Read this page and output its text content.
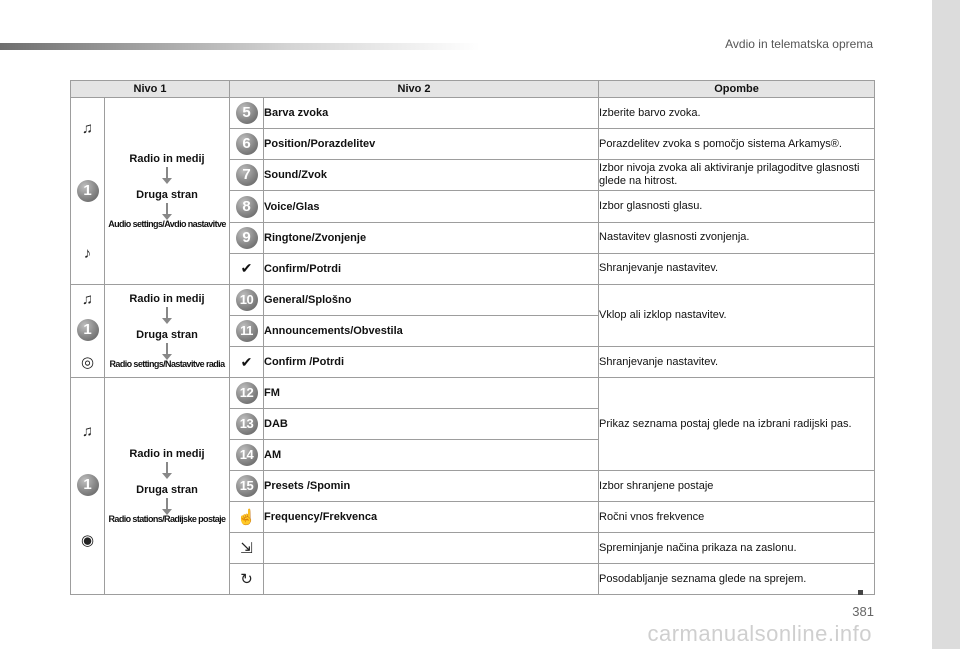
Avdio in telematska oprema
Nivo 1		Nivo 2		Opombe

♫
1
♪	Radio in medij
Druga stran
Audio settings/Avdio nastavitve	5	Barva zvoka	Izberite barvo zvoka.
		6	Position/Porazdelitev	Porazdelitev zvoka s pomočjo sistema Arkamys®.
		7	Sound/Zvok	Izbor nivoja zvoka ali aktiviranje prilagoditve glasnosti glede na hitrost.
		8	Voice/Glas	Izbor glasnosti glasu.
		9	Ringtone/Zvonjenje	Nastavitev glasnosti zvonjenja.
		✔	Confirm/Potrdi	Shranjevanje nastavitev.

♫
1
◎	Radio in medij
Druga stran
Radio settings/Nastavitve radia	10	General/Splošno	Vklop ali izklop nastavitev.
		11	Announcements/Obvestila	
		✔	Confirm /Potrdi	Shranjevanje nastavitev.

♫
1
◉	Radio in medij
Druga stran
Radio stations/Radijske postaje	12	FM	Prikaz seznama postaj glede na izbrani radijski pas.
		13	DAB	
		14	AM	
		15	Presets /Spomin	Izbor shranjene postaje
		☝	Frequency/Frekvenca	Ročni vnos frekvence
		⇲		Spreminjanje načina prikaza na zaslonu.
		↻		Posodabljanje seznama glede na sprejem.
381
carmanualsonline.info
